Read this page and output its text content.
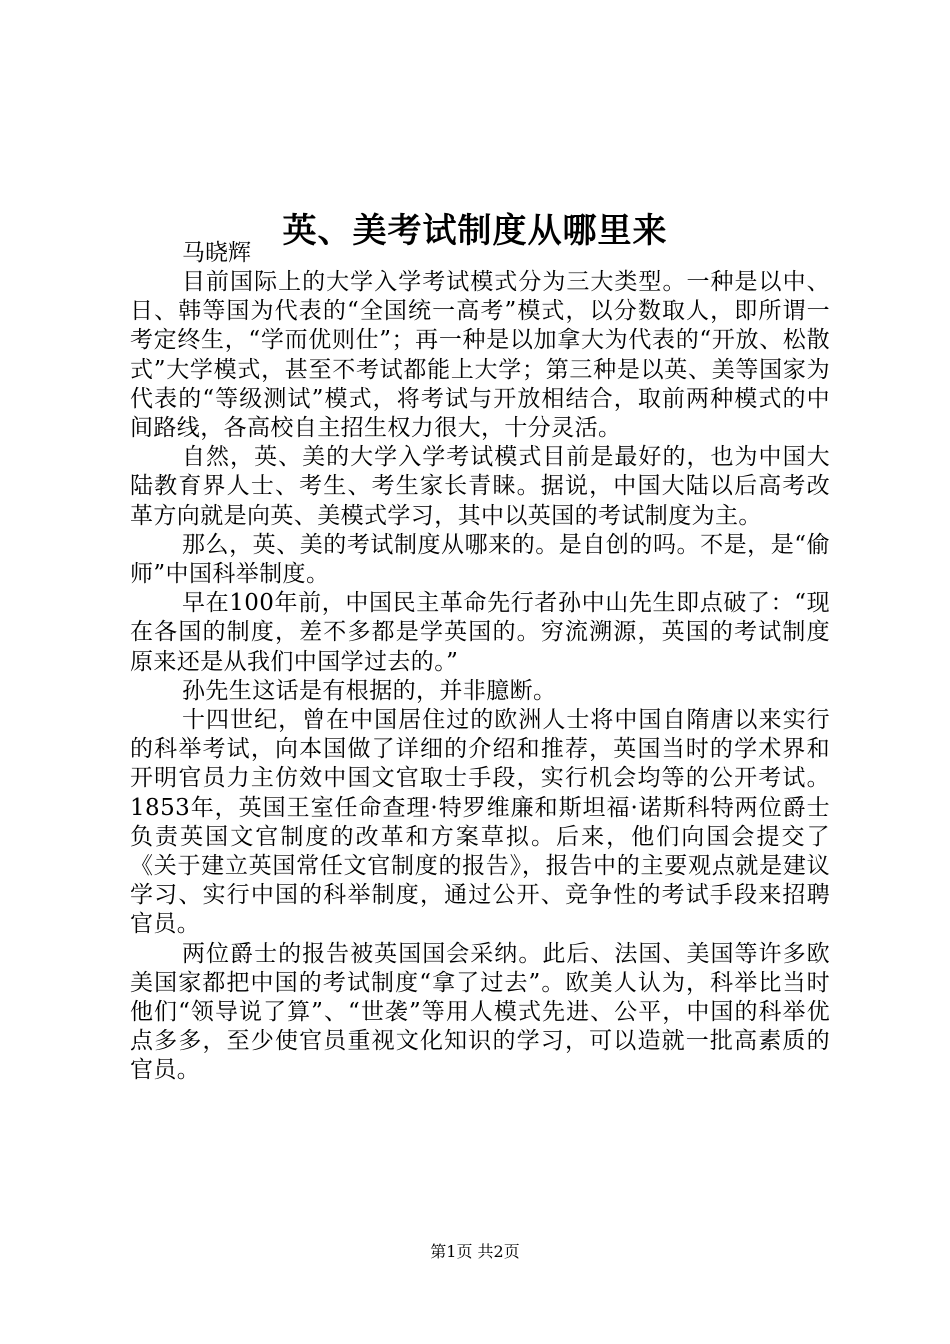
英、美考试制度从哪里来
马晓辉

目前国际上的大学入学考试模式分为三大类型。一种是以中、日、韩等国为代表的“全国统一高考”模式，以分数取人，即所谓一考定终生，“学而优则仕”；再一种是以加拿大为代表的“开放、松散式”大学模式，甚至不考试都能上大学；第三种是以英、美等国家为代表的“等级测试”模式，将考试与开放相结合，取前两种模式的中间路线，各高校自主招生权力很大，十分灵活。

自然，英、美的大学入学考试模式目前是最好的，也为中国大陆教育界人士、考生、考生家长青睐。据说，中国大陆以后高考改革方向就是向英、美模式学习，其中以英国的考试制度为主。

那么，英、美的考试制度从哪来的。是自创的吗。不是，是“偷师”中国科举制度。

早在100年前，中国民主革命先行者孙中山先生即点破了：“现在各国的制度，差不多都是学英国的。穷流溯源，英国的考试制度原来还是从我们中国学过去的。”

孙先生这话是有根据的，并非臆断。

十四世纪，曾在中国居住过的欧洲人士将中国自隋唐以来实行的科举考试，向本国做了详细的介绍和推荐，英国当时的学术界和开明官员力主仿效中国文官取士手段，实行机会均等的公开考试。1853年，英国王室任命查理·特罗维廉和斯坦福·诺斯科特两位爵士负责英国文官制度的改革和方案草拟。后来，他们向国会提交了《关于建立英国常任文官制度的报告》，报告中的主要观点就是建议学习、实行中国的科举制度，通过公开、竞争性的考试手段来招聘官员。

两位爵士的报告被英国国会采纳。此后、法国、美国等许多欧美国家都把中国的考试制度“拿了过去”。欧美人认为，科举比当时他们“领导说了算”、“世袭”等用人模式先进、公平，中国的科举优点多多，至少使官员重视文化知识的学习，可以造就一批高素质的官员。

第1页 共2页
